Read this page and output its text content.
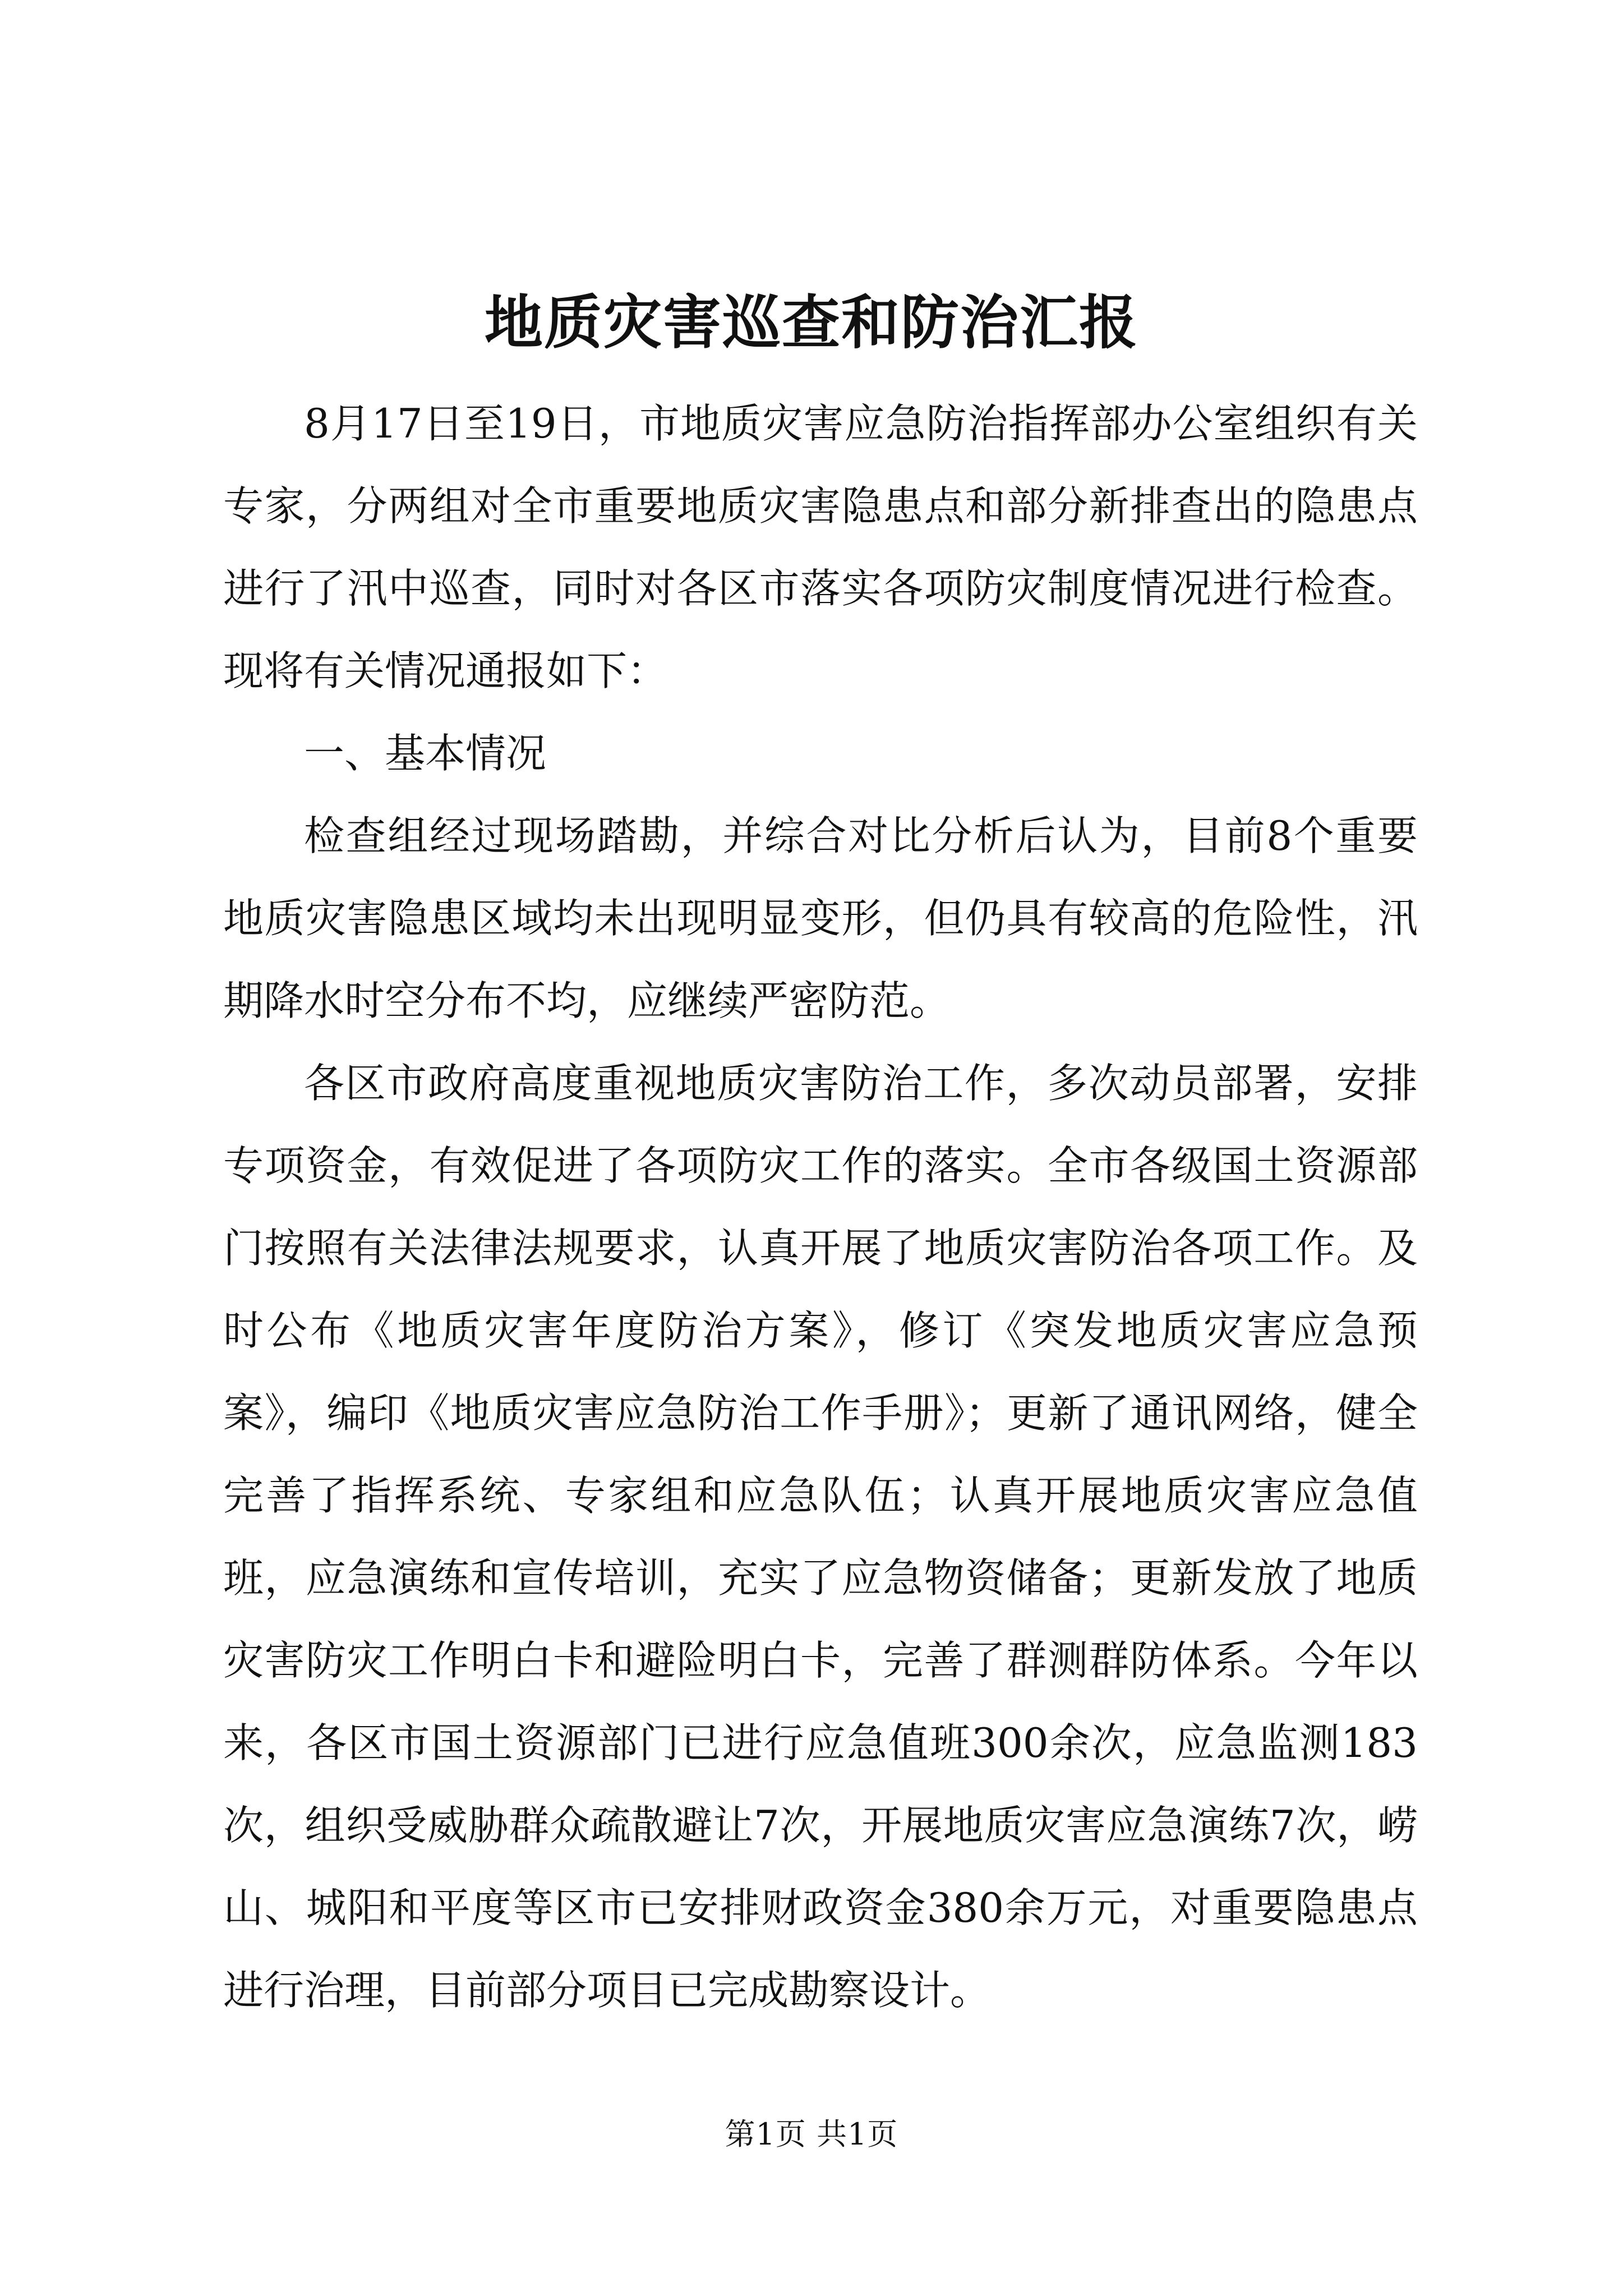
地质灾害巡查和防治汇报

8月17日至19日，市地质灾害应急防治指挥部办公室组织有关专家，分两组对全市重要地质灾害隐患点和部分新排查出的隐患点进行了汛中巡查，同时对各区市落实各项防灾制度情况进行检查。现将有关情况通报如下：

一、基本情况

检查组经过现场踏勘，并综合对比分析后认为，目前8个重要地质灾害隐患区域均未出现明显变形，但仍具有较高的危险性，汛期降水时空分布不均，应继续严密防范。

各区市政府高度重视地质灾害防治工作，多次动员部署，安排专项资金，有效促进了各项防灾工作的落实。全市各级国土资源部门按照有关法律法规要求，认真开展了地质灾害防治各项工作。及时公布《地质灾害年度防治方案》，修订《突发地质灾害应急预案》，编印《地质灾害应急防治工作手册》；更新了通讯网络，健全完善了指挥系统、专家组和应急队伍；认真开展地质灾害应急值班，应急演练和宣传培训，充实了应急物资储备；更新发放了地质灾害防灾工作明白卡和避险明白卡，完善了群测群防体系。今年以来，各区市国土资源部门已进行应急值班300余次，应急监测183次，组织受威胁群众疏散避让7次，开展地质灾害应急演练7次，崂山、城阳和平度等区市已安排财政资金380余万元，对重要隐患点进行治理，目前部分项目已完成勘察设计。

第1页 共1页
